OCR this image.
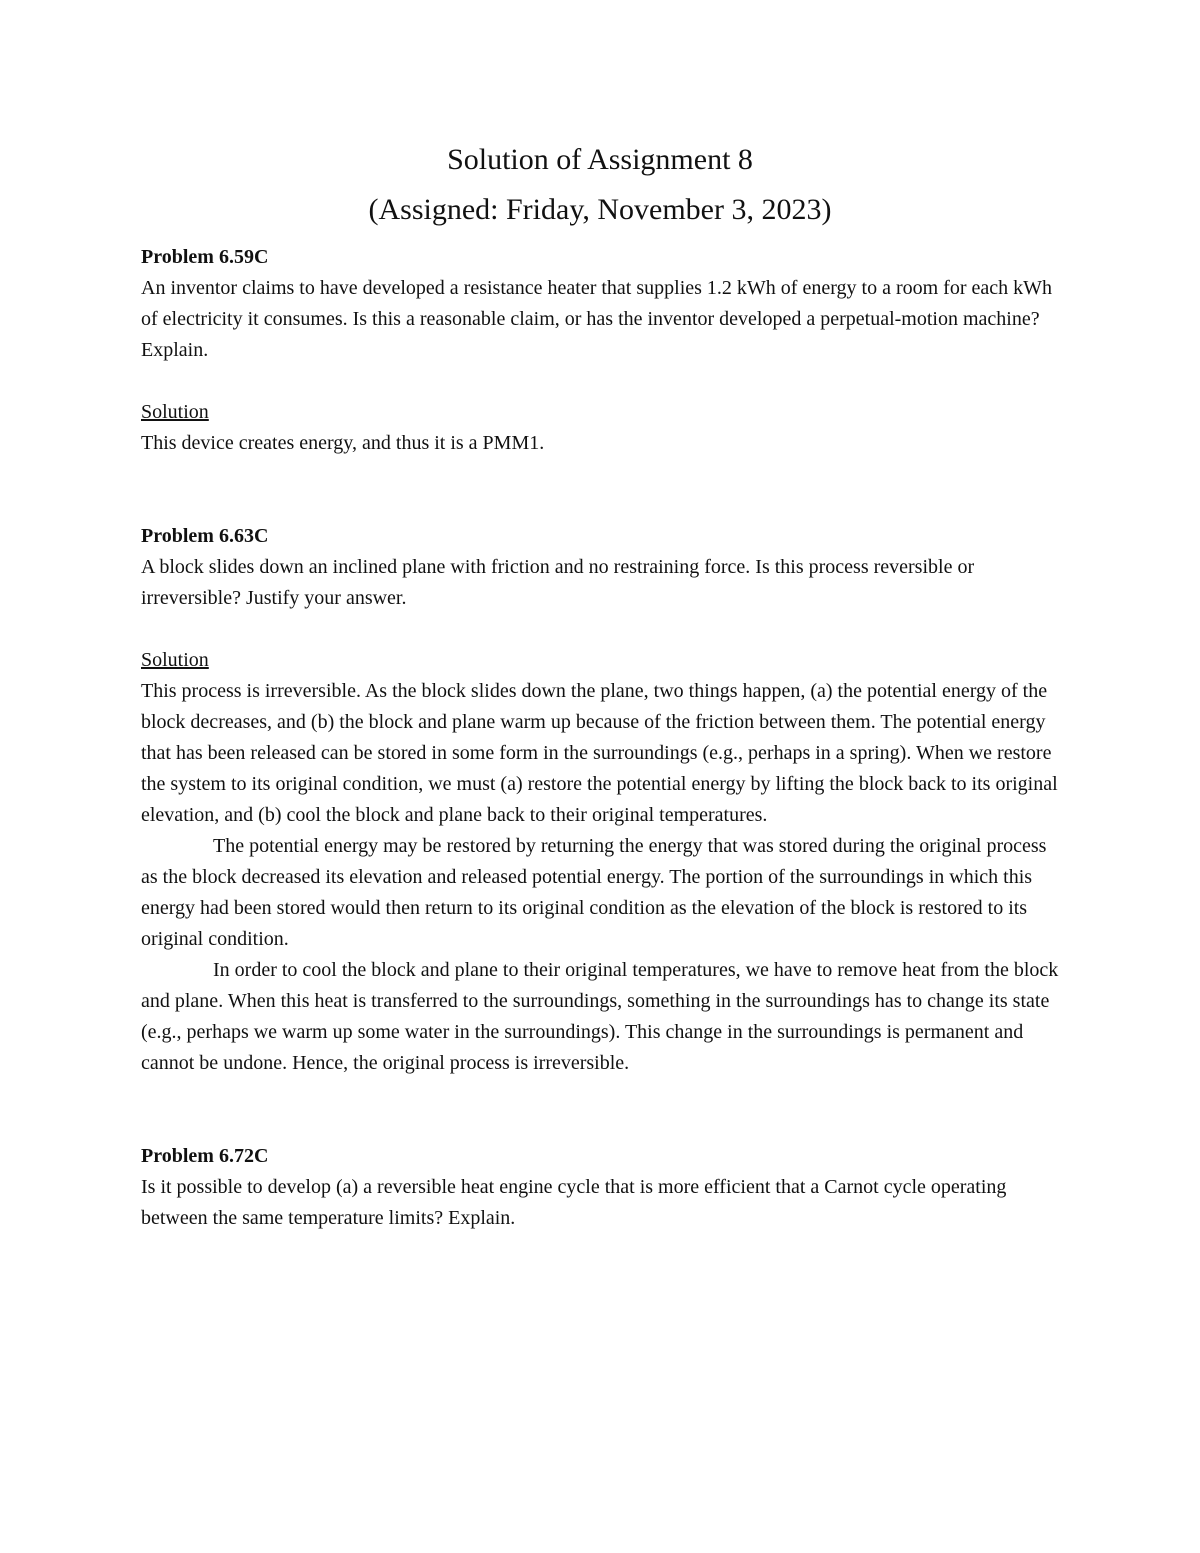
Solution of Assignment 8
(Assigned: Friday, November 3, 2023)
Problem 6.59C

An inventor claims to have developed a resistance heater that supplies 1.2 kWh of energy to a room for each kWh of electricity it consumes. Is this a reasonable claim, or has the inventor developed a perpetual-motion machine? Explain.

Solution

This device creates energy, and thus it is a PMM1.

Problem 6.63C

A block slides down an inclined plane with friction and no restraining force. Is this process reversible or irreversible? Justify your answer.

Solution

This process is irreversible. As the block slides down the plane, two things happen, (a) the potential energy of the block decreases, and (b) the block and plane warm up because of the friction between them. The potential energy that has been released can be stored in some form in the surroundings (e.g., perhaps in a spring). When we restore the system to its original condition, we must (a) restore the potential energy by lifting the block back to its original elevation, and (b) cool the block and plane back to their original temperatures.

The potential energy may be restored by returning the energy that was stored during the original process as the block decreased its elevation and released potential energy. The portion of the surroundings in which this energy had been stored would then return to its original condition as the elevation of the block is restored to its original condition.

In order to cool the block and plane to their original temperatures, we have to remove heat from the block and plane. When this heat is transferred to the surroundings, something in the surroundings has to change its state (e.g., perhaps we warm up some water in the surroundings). This change in the surroundings is permanent and cannot be undone. Hence, the original process is irreversible.

Problem 6.72C

Is it possible to develop (a) a reversible heat engine cycle that is more efficient that a Carnot cycle operating between the same temperature limits? Explain.
